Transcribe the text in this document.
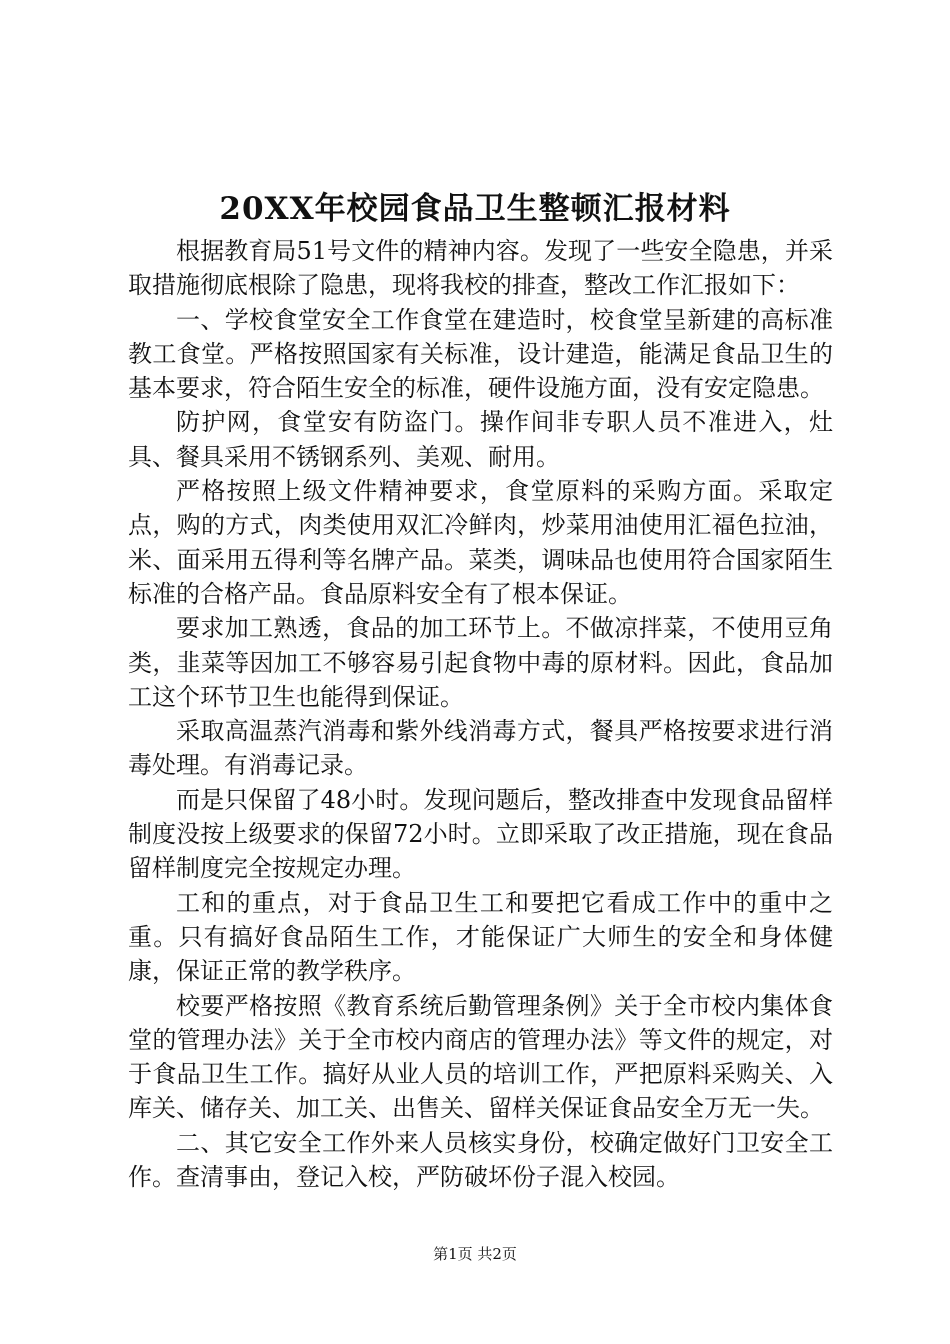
20XX年校园食品卫生整顿汇报材料

根据教育局51号文件的精神内容。发现了一些安全隐患，并采取措施彻底根除了隐患，现将我校的排查，整改工作汇报如下：

一、学校食堂安全工作食堂在建造时，校食堂呈新建的高标准教工食堂。严格按照国家有关标准，设计建造，能满足食品卫生的基本要求，符合陌生安全的标准，硬件设施方面，没有安定隐患。

防护网，食堂安有防盗门。操作间非专职人员不准进入，灶具、餐具采用不锈钢系列、美观、耐用。

严格按照上级文件精神要求，食堂原料的采购方面。采取定点，购的方式，肉类使用双汇冷鲜肉，炒菜用油使用汇福色拉油，米、面采用五得利等名牌产品。菜类，调味品也使用符合国家陌生标准的合格产品。食品原料安全有了根本保证。

要求加工熟透，食品的加工环节上。不做凉拌菜，不使用豆角类，韭菜等因加工不够容易引起食物中毒的原材料。因此，食品加工这个环节卫生也能得到保证。

采取高温蒸汽消毒和紫外线消毒方式，餐具严格按要求进行消毒处理。有消毒记录。

而是只保留了48小时。发现问题后，整改排查中发现食品留样制度没按上级要求的保留72小时。立即采取了改正措施，现在食品留样制度完全按规定办理。

工和的重点，对于食品卫生工和要把它看成工作中的重中之重。只有搞好食品陌生工作，才能保证广大师生的安全和身体健康，保证正常的教学秩序。

校要严格按照《教育系统后勤管理条例》关于全市校内集体食堂的管理办法》关于全市校内商店的管理办法》等文件的规定，对于食品卫生工作。搞好从业人员的培训工作，严把原料采购关、入库关、储存关、加工关、出售关、留样关保证食品安全万无一失。

二、其它安全工作外来人员核实身份，校确定做好门卫安全工作。查清事由，登记入校，严防破坏份子混入校园。

第1页 共2页
